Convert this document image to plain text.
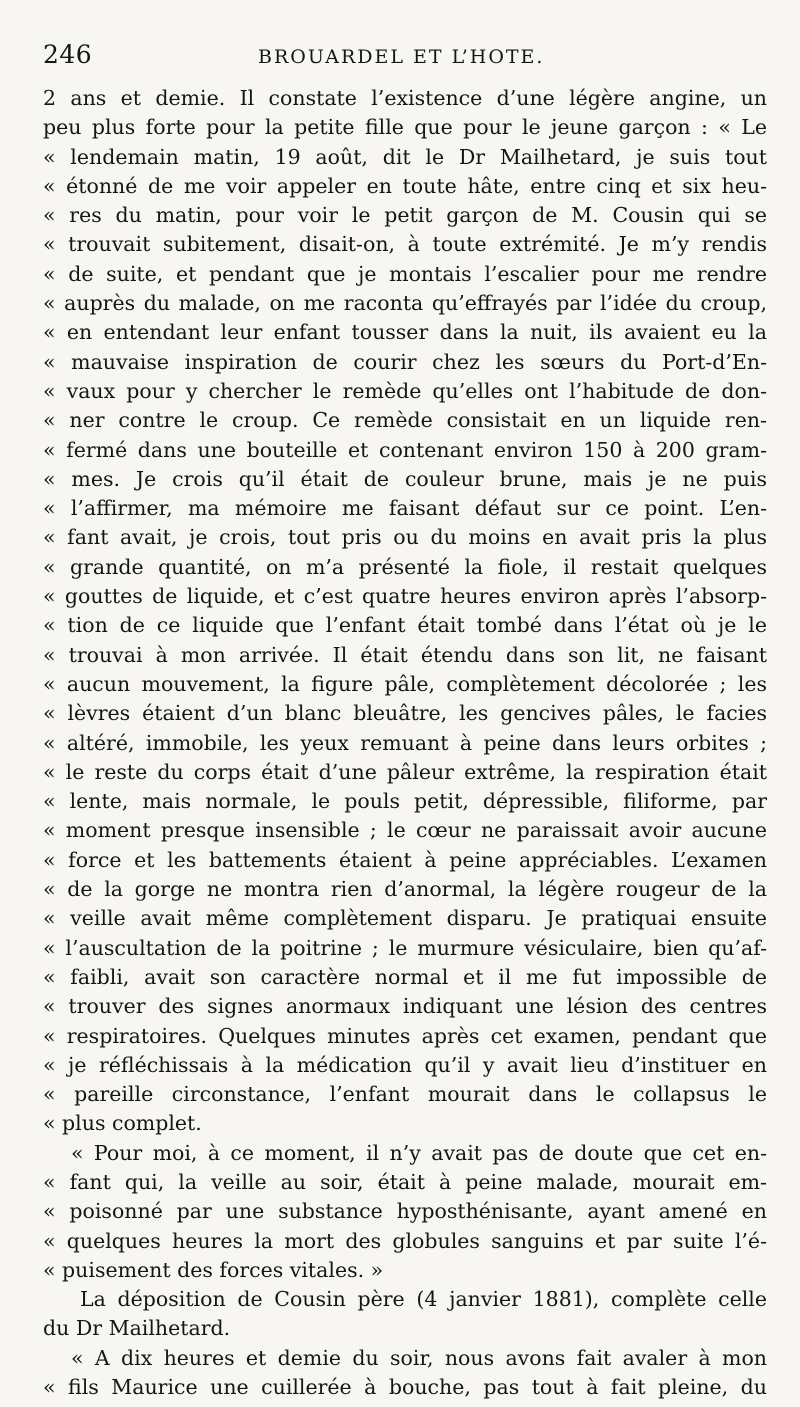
246	BROUARDEL ET L’HOTE.
2 ans et demie. Il constate l’existence d’une légère angine, un
peu plus forte pour la petite fille que pour le jeune garçon : « Le
« lendemain matin, 19 août, dit le Dr Mailhetard, je suis tout
« étonné de me voir appeler en toute hâte, entre cinq et six heu-
« res du matin, pour voir le petit garçon de M. Cousin qui se
« trouvait subitement, disait-on, à toute extrémité. Je m’y rendis
« de suite, et pendant que je montais l’escalier pour me rendre
« auprès du malade, on me raconta qu’effrayés par l’idée du croup,
« en entendant leur enfant tousser dans la nuit, ils avaient eu la
« mauvaise inspiration de courir chez les sœurs du Port-d’En-
« vaux pour y chercher le remède qu’elles ont l’habitude de don-
« ner contre le croup. Ce remède consistait en un liquide ren-
« fermé dans une bouteille et contenant environ 150 à 200 gram-
« mes. Je crois qu’il était de couleur brune, mais je ne puis
« l’affirmer, ma mémoire me faisant défaut sur ce point. L’en-
« fant avait, je crois, tout pris ou du moins en avait pris la plus
« grande quantité, on m’a présenté la fiole, il restait quelques
« gouttes de liquide, et c’est quatre heures environ après l’absorp-
« tion de ce liquide que l’enfant était tombé dans l’état où je le
« trouvai à mon arrivée. Il était étendu dans son lit, ne faisant
« aucun mouvement, la figure pâle, complètement décolorée ; les
« lèvres étaient d’un blanc bleuâtre, les gencives pâles, le facies
« altéré, immobile, les yeux remuant à peine dans leurs orbites ;
« le reste du corps était d’une pâleur extrême, la respiration était
« lente, mais normale, le pouls petit, dépressible, filiforme, par
« moment presque insensible ; le cœur ne paraissait avoir aucune
« force et les battements étaient à peine appréciables. L’examen
« de la gorge ne montra rien d’anormal, la légère rougeur de la
« veille avait même complètement disparu. Je pratiquai ensuite
« l’auscultation de la poitrine ; le murmure vésiculaire, bien qu’af-
« faibli, avait son caractère normal et il me fut impossible de
« trouver des signes anormaux indiquant une lésion des centres
« respiratoires. Quelques minutes après cet examen, pendant que
« je réfléchissais à la médication qu’il y avait lieu d’instituer en
« pareille circonstance, l’enfant mourait dans le collapsus le
« plus complet.
« Pour moi, à ce moment, il n’y avait pas de doute que cet en-
« fant qui, la veille au soir, était à peine malade, mourait em-
« poisonné par une substance hyposthénisante, ayant amené en
« quelques heures la mort des globules sanguins et par suite l’é-
« puisement des forces vitales. »
La déposition de Cousin père (4 janvier 1881), complète celle
du Dr Mailhetard.
« A dix heures et demie du soir, nous avons fait avaler à mon
« fils Maurice une cuillerée à bouche, pas tout à fait pleine, du
